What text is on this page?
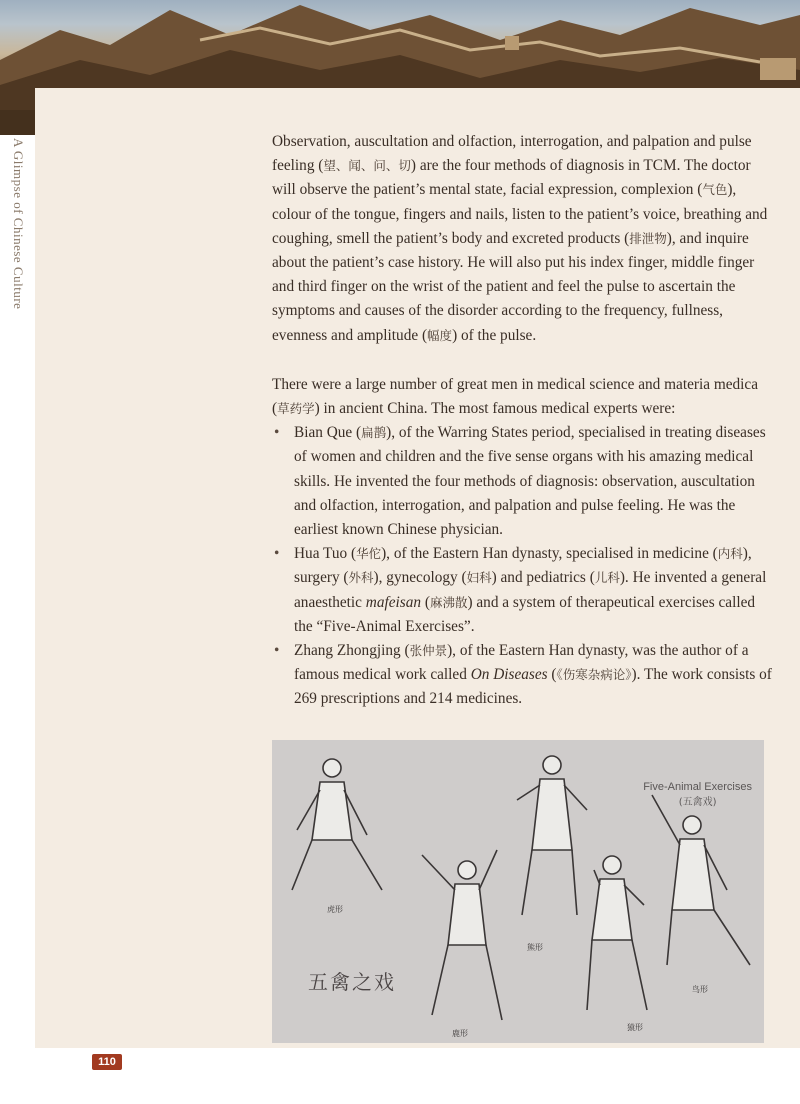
A Glimpse of Chinese Culture	Observation, auscultation and olfaction, interrogation, and palpation and pulse feeling (望、闻、问、切) are the four methods of diagnosis in TCM. The doctor will observe the patient’s mental state, facial expression, complexion (气色), colour of the tongue, fingers and nails, listen to the patient’s voice, breathing and coughing, smell the patient’s body and excreted products (排泄物), and inquire about the patient’s case history. He will also put his index finger, middle finger and third finger on the wrist of the patient and feel the pulse to ascertain the symptoms and causes of the disorder according to the frequency, fullness, evenness and amplitude (幅度) of the pulse.

There were a large number of great men in medical science and materia medica (草药学) in ancient China. The most famous medical experts were:

• Bian Que (扁鹊), of the Warring States period, specialised in treating diseases of women and children and the five sense organs with his amazing medical skills. He invented the four methods of diagnosis: observation, auscultation and olfaction, interrogation, and palpation and pulse feeling. He was the earliest known Chinese physician.
• Hua Tuo (华佗), of the Eastern Han dynasty, specialised in medicine (内科), surgery (外科), gynecology (妇科) and pediatrics (儿科). He invented a general anaesthetic mafeisan (麻沸散) and a system of therapeutical exercises called the “Five-Animal Exercises”.
• Zhang Zhongjing (张仲景), of the Eastern Han dynasty, was the author of a famous medical work called On Diseases (《伤寒杂病论》). The work consists of 269 prescriptions and 214 medicines.
虎形
鹿形
熊形
猿形
鸟形
Five-Animal Exercises
(五禽戏)
五禽之戏
110
